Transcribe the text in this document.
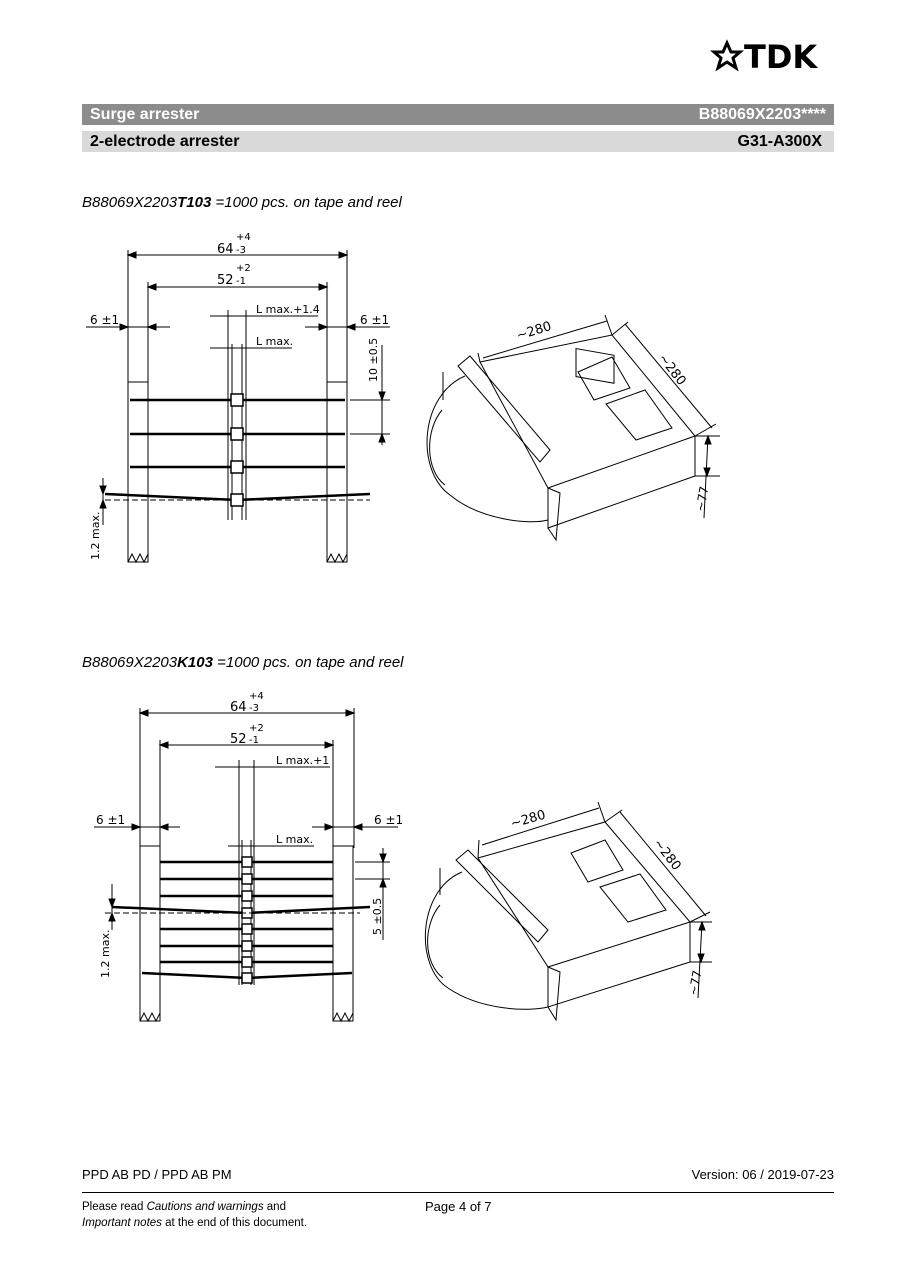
TDK
Surge arrester	B88069X2203****
2-electrode arrester	G31-A300X
B88069X2203T103 =1000 pcs. on tape and reel
B88069X2203K103 =1000 pcs. on tape and reel
64
+4
-3
52
+2
-1
L max.+1.4
L max.
6 ±1	6 ±1
10 ±0.5
1.2 max.
~280
~280
~77
64
+4
-3
52
+2
-1
L max.+1
L max.
6 ±1	6 ±1
5 ±0.5
1.2 max.
~280
~280
~77
PPD AB PD / PPD AB PM	Version: 06 / 2019-07-23
Please read Cautions and warnings and
Important notes at the end of this document.
Page 4 of 7
